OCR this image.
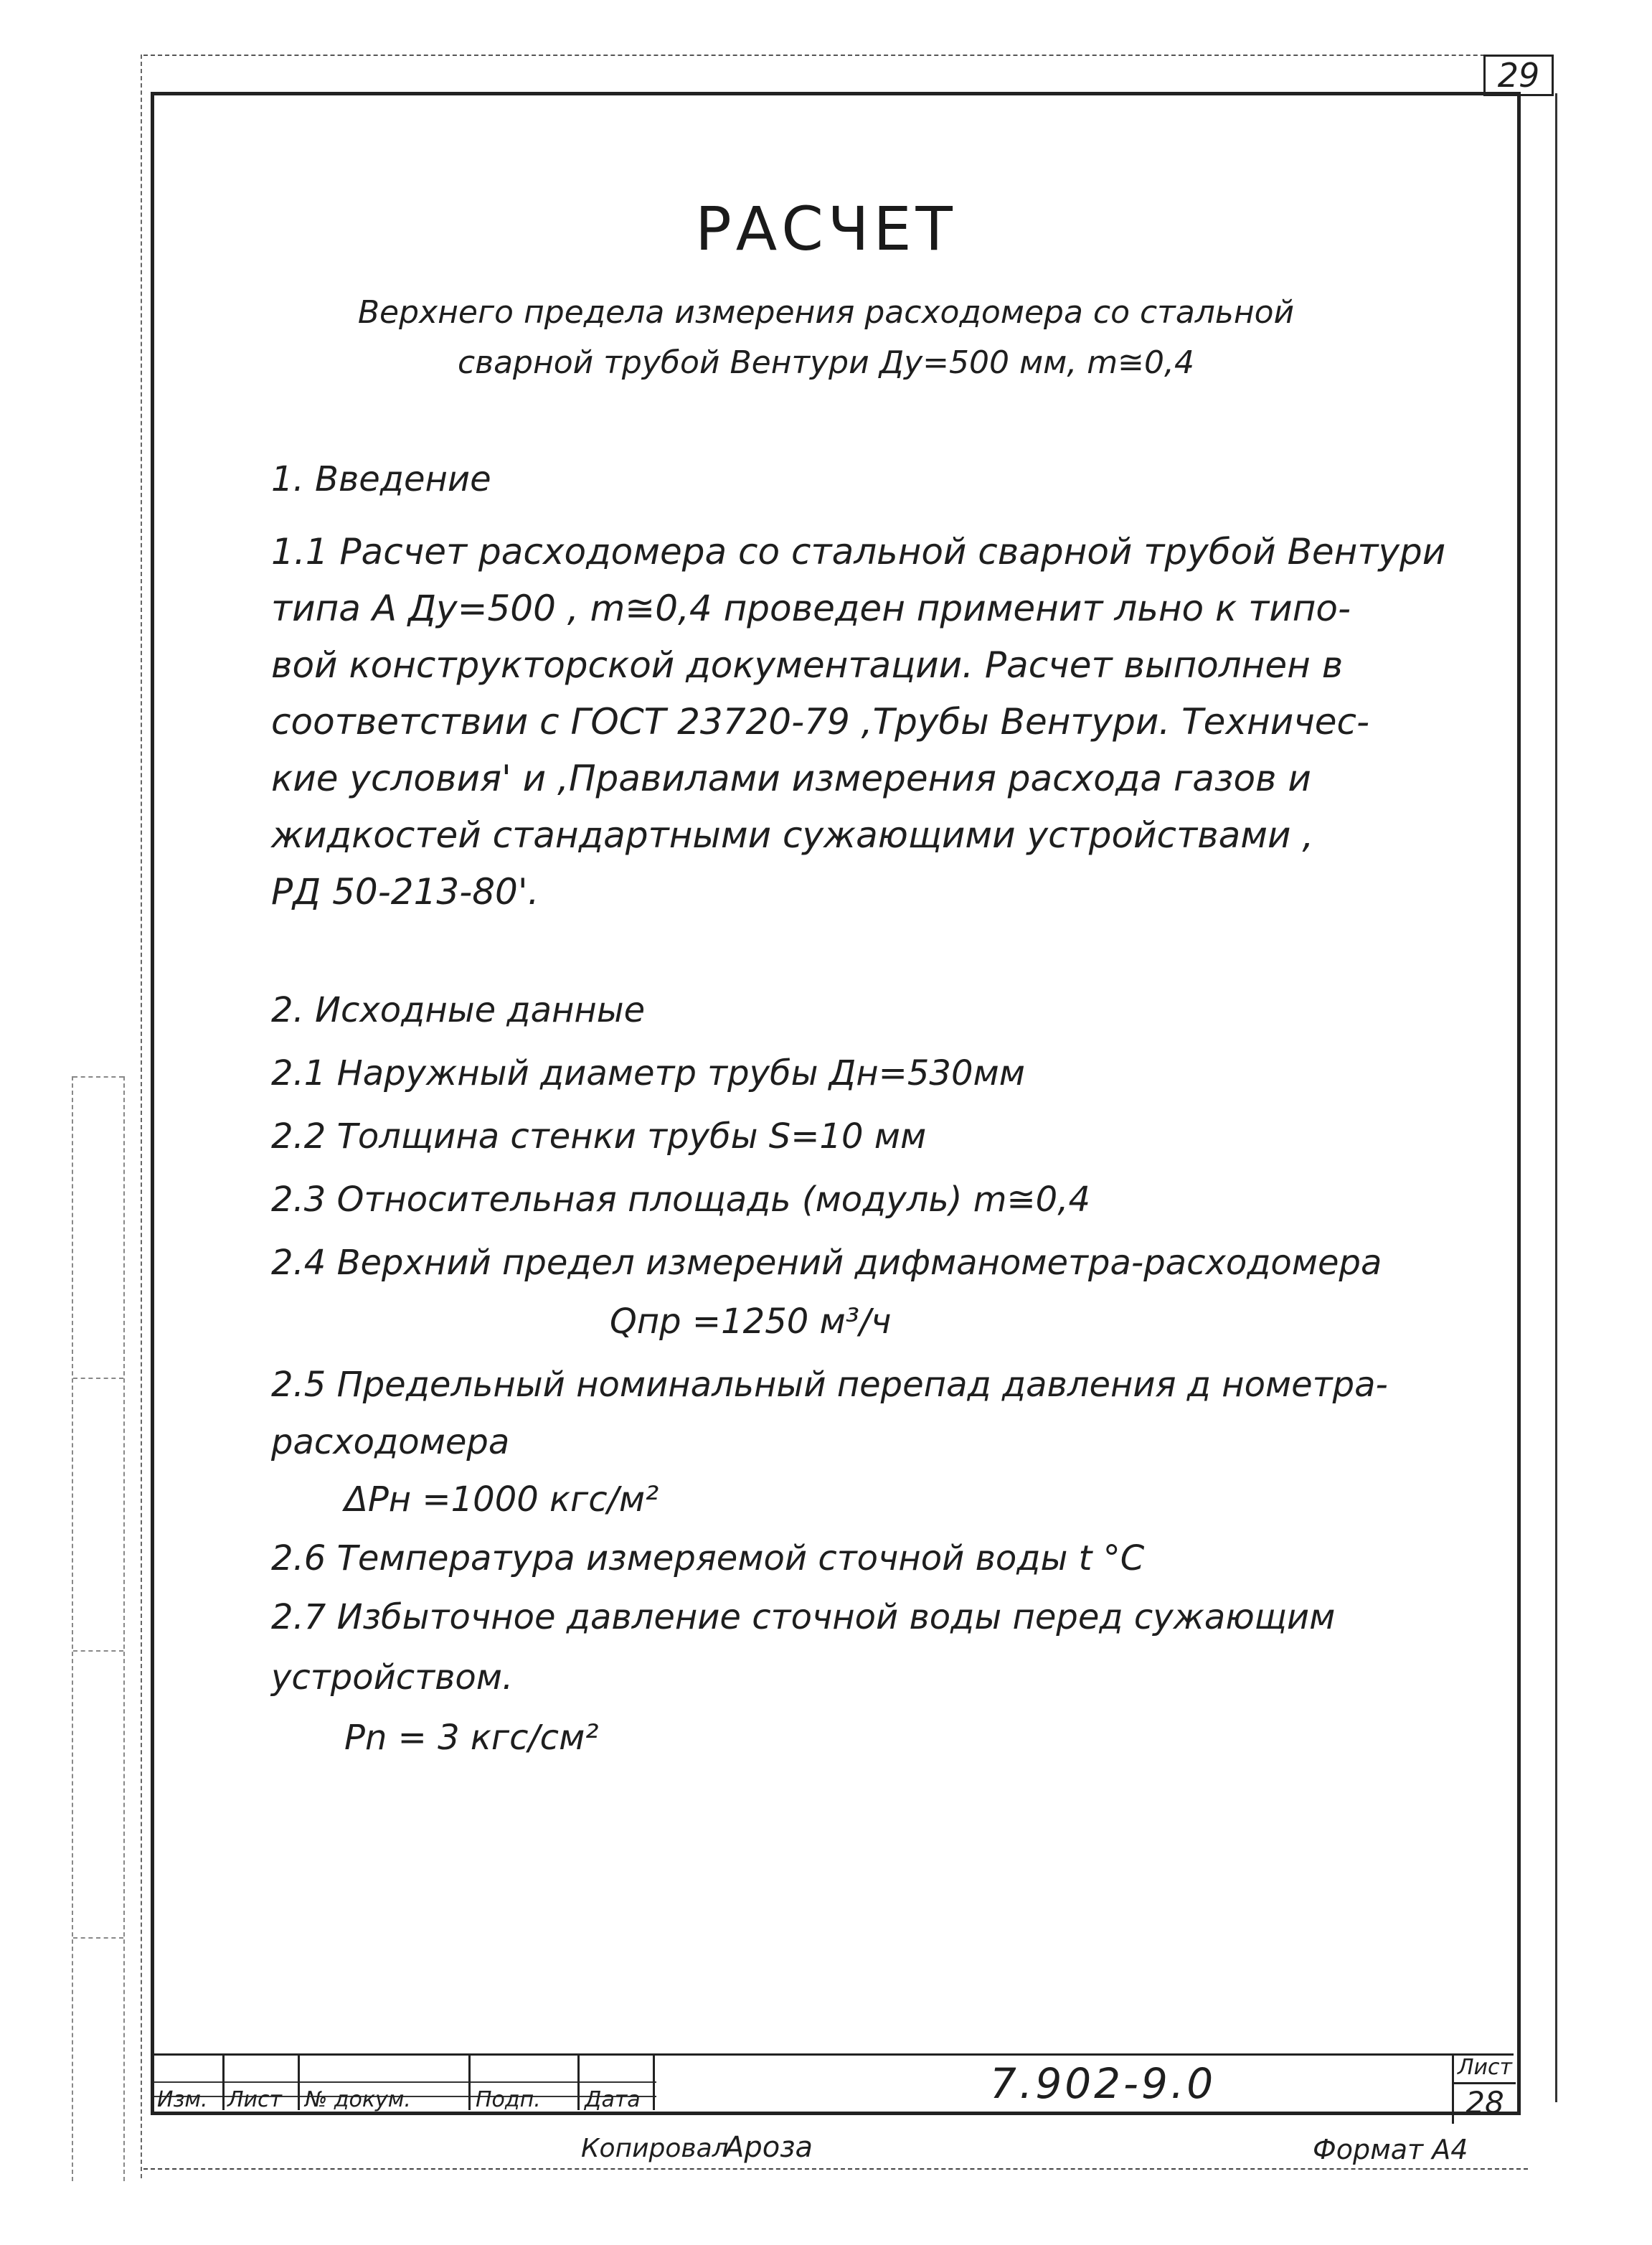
29
РАСЧЕТ
Верхнего предела измерения расходомера со стальной
сварной трубой Вентури Ду=500 мм, m≅0,4
1. Введение
1.1 Расчет расходомера со стальной сварной трубой Вентури
типа А Ду=500 , m≅0,4 проведен применит льно к типо-
вой конструкторской документации. Расчет выполнен в
соответствии с ГОСТ 23720-79 ,Трубы Вентури. Техничес-
кие условия' и ,Правилами измерения расхода газов и
жидкостей стандартными сужающими устройствами ,
РД 50-213-80'.
2. Исходные данные
2.1 Наружный диаметр трубы Дн=530мм
2.2 Толщина стенки трубы S=10 мм
2.3 Относительная площадь (модуль) m≅0,4
2.4 Верхний предел измерений дифманометра-расходомера
Qпр =1250 м³/ч
2.5 Предельный номинальный перепад давления д нометра-
расходомера
ΔPн =1000 кгс/м²
2.6 Температура измеряемой сточной воды t °C
2.7 Избыточное давление сточной воды перед сужающим
устройством.
Pn = 3 кгс/см²
Изм. Лист № докум.	Подп. Дата	7.902-9.0	Лист
28
Копировал
Ароза	Формат А4
